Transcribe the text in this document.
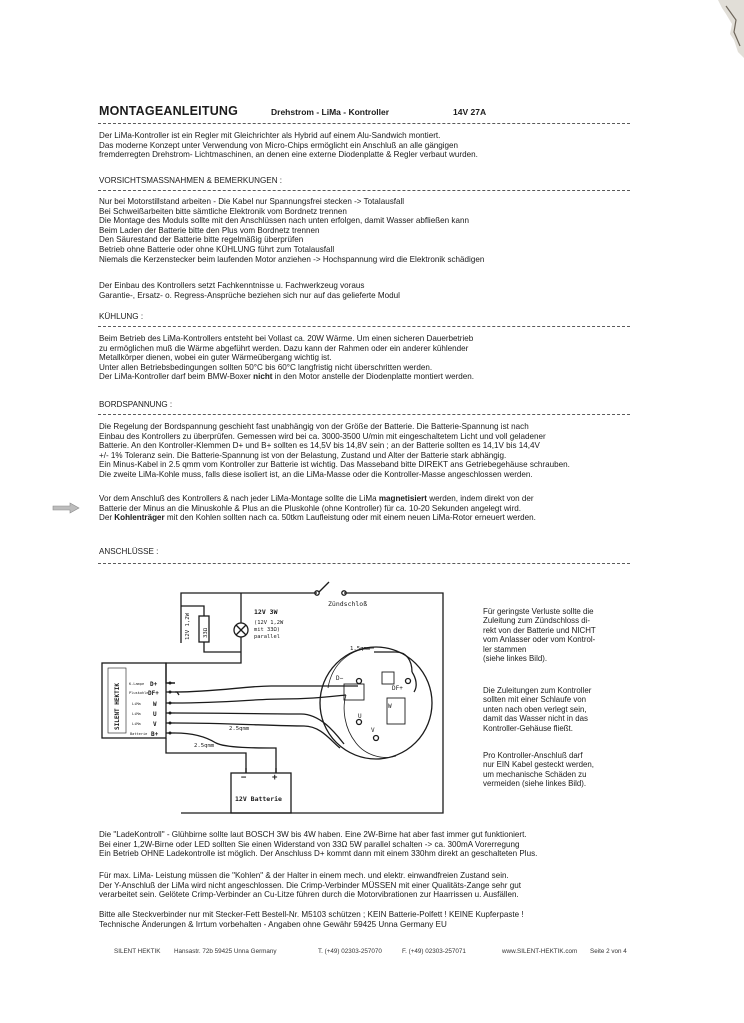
MONTAGEANLEITUNG	Drehstrom - LiMa - Kontroller	14V 27A

Der LiMa-Kontroller ist ein Regler mit Gleichrichter als Hybrid auf einem Alu-Sandwich montiert.

Das moderne Konzept unter Verwendung von Micro-Chips ermöglicht ein Anschluß an alle gängigen

fremderregten Drehstrom- Lichtmaschinen, an denen eine externe Diodenplatte & Regler verbaut wurden.

VORSICHTSMASSNAHMEN & BEMERKUNGEN :

Nur bei Motorstillstand arbeiten - Die Kabel nur Spannungsfrei stecken -> Totalausfall

Bei Schweißarbeiten bitte sämtliche Elektronik vom Bordnetz trennen

Die Montage des Moduls sollte mit den Anschlüssen nach unten erfolgen, damit Wasser abfließen kann

Beim Laden der Batterie bitte den Plus vom Bordnetz trennen

Den Säurestand der Batterie bitte regelmäßig überprüfen

Betrieb ohne Batterie oder ohne KÜHLUNG führt zum Totalausfall

Niemals die Kerzenstecker beim laufenden Motor anziehen -> Hochspannung wird die Elektronik schädigen

Der Einbau des Kontrollers setzt Fachkenntnisse u. Fachwerkzeug voraus

Garantie-, Ersatz- o. Regress-Ansprüche beziehen sich nur auf das gelieferte Modul

KÜHLUNG :

Beim Betrieb des LiMa-Kontrollers entsteht bei Vollast ca. 20W Wärme. Um einen sicheren Dauerbetrieb

zu ermöglichen muß die Wärme abgeführt werden. Dazu kann der Rahmen oder ein anderer kühlender

Metallkörper dienen, wobei ein guter Wärmeübergang wichtig ist.

Unter allen Betriebsbedingungen sollten 50°C bis 60°C langfristig nicht überschritten werden.

Der LiMa-Kontroller darf beim BMW-Boxer nicht in den Motor anstelle der Diodenplatte montiert werden.

BORDSPANNUNG :

Die Regelung der Bordspannung geschieht fast unabhängig von der Größe der Batterie. Die Batterie-Spannung ist nach

Einbau des Kontrollers zu überprüfen. Gemessen wird bei ca. 3000-3500 U/min mit eingeschaltetem Licht und voll geladener

Batterie. An den Kontroller-Klemmen D+ und B+ sollten es 14,5V bis 14,8V sein ; an der Batterie sollten es 14,1V bis 14,4V

+/- 1% Toleranz sein. Die Batterie-Spannung ist von der Belastung, Zustand und Alter der Batterie stark abhängig.

Ein Minus-Kabel in 2.5 qmm vom Kontroller zur Batterie ist wichtig. Das Masseband bitte DIREKT ans Getriebegehäuse schrauben.

Die zweite LiMa-Kohle muss, falls diese isoliert ist, an die LiMa-Masse oder die Kontroller-Masse angeschlossen werden.

Vor dem Anschluß des Kontrollers & nach jeder LiMa-Montage sollte die LiMa magnetisiert werden, indem direkt von der

Batterie der Minus an die Minuskohle & Plus an die Pluskohle (ohne Kontroller) für ca. 10-20 Sekunden angelegt wird.

Der Kohlenträger mit den Kohlen sollten nach ca. 50tkm Laufleistung oder mit einem neuen LiMa-Rotor erneuert werden.

ANSCHLÜSSE :
Zündschloß
12V 3W
(12V 1,2W
mit 33Ω)
parallel
12V 1,2W 33Ω
1.5qmm
2.5qmm
2.5qmm
−	+
12V Batterie
SILENT HEKTIK K-Lampe
Pluskohle
LiMa
LiMa
LiMa
Batterie
D+
DF+
W
U
V
B+
D−
DF+
W
U
V

Für geringste Verluste sollte die

Zuleitung zum Zündschloss di-

rekt von der Batterie und NICHT

vom Anlasser oder vom Kontrol-

ler stammen

(siehe linkes Bild).

Die Zuleitungen zum Kontroller

sollten mit einer Schlaufe von

unten nach oben verlegt sein,

damit das Wasser nicht in das

Kontroller-Gehäuse fließt.

Pro Kontroller-Anschluß darf

nur EIN Kabel gesteckt werden,

um mechanische Schäden zu

vermeiden (siehe linkes Bild).

Die "LadeKontroll" - Glühbirne sollte laut BOSCH 3W bis 4W haben. Eine 2W-Birne hat aber fast immer gut funktioniert.

Bei einer 1,2W-Birne oder LED sollten Sie einen Widerstand von 33Ω 5W parallel schalten -> ca. 300mA Vorerregung

Ein Betrieb OHNE Ladekontrolle ist möglich. Der Anschluss D+ kommt dann mit einem 330hm direkt an geschalteten Plus.

Für max. LiMa- Leistung müssen die "Kohlen" & der Halter in einem mech. und elektr. einwandfreien Zustand sein.

Der Y-Anschluß der LiMa wird nicht angeschlossen. Die Crimp-Verbinder MÜSSEN mit einer Qualitäts-Zange sehr gut

verarbeitet sein. Gelötete Crimp-Verbinder an Cu-Litze führen durch die Motorvibrationen zur Haarrissen u. Ausfällen.

Bitte alle Steckverbinder nur mit Stecker-Fett Bestell-Nr. M5103 schützen ; KEIN Batterie-Polfett ! KEINE Kupferpaste !

Technische Änderungen & Irrtum vorbehalten - Angaben ohne Gewähr 59425 Unna Germany EU

SILENT HEKTIK Hansastr. 72b 59425 Unna Germany	T. (+49) 02303-257070	F. (+49) 02303-257071	www.SILENT-HEKTIK.com Seite 2 von 4
